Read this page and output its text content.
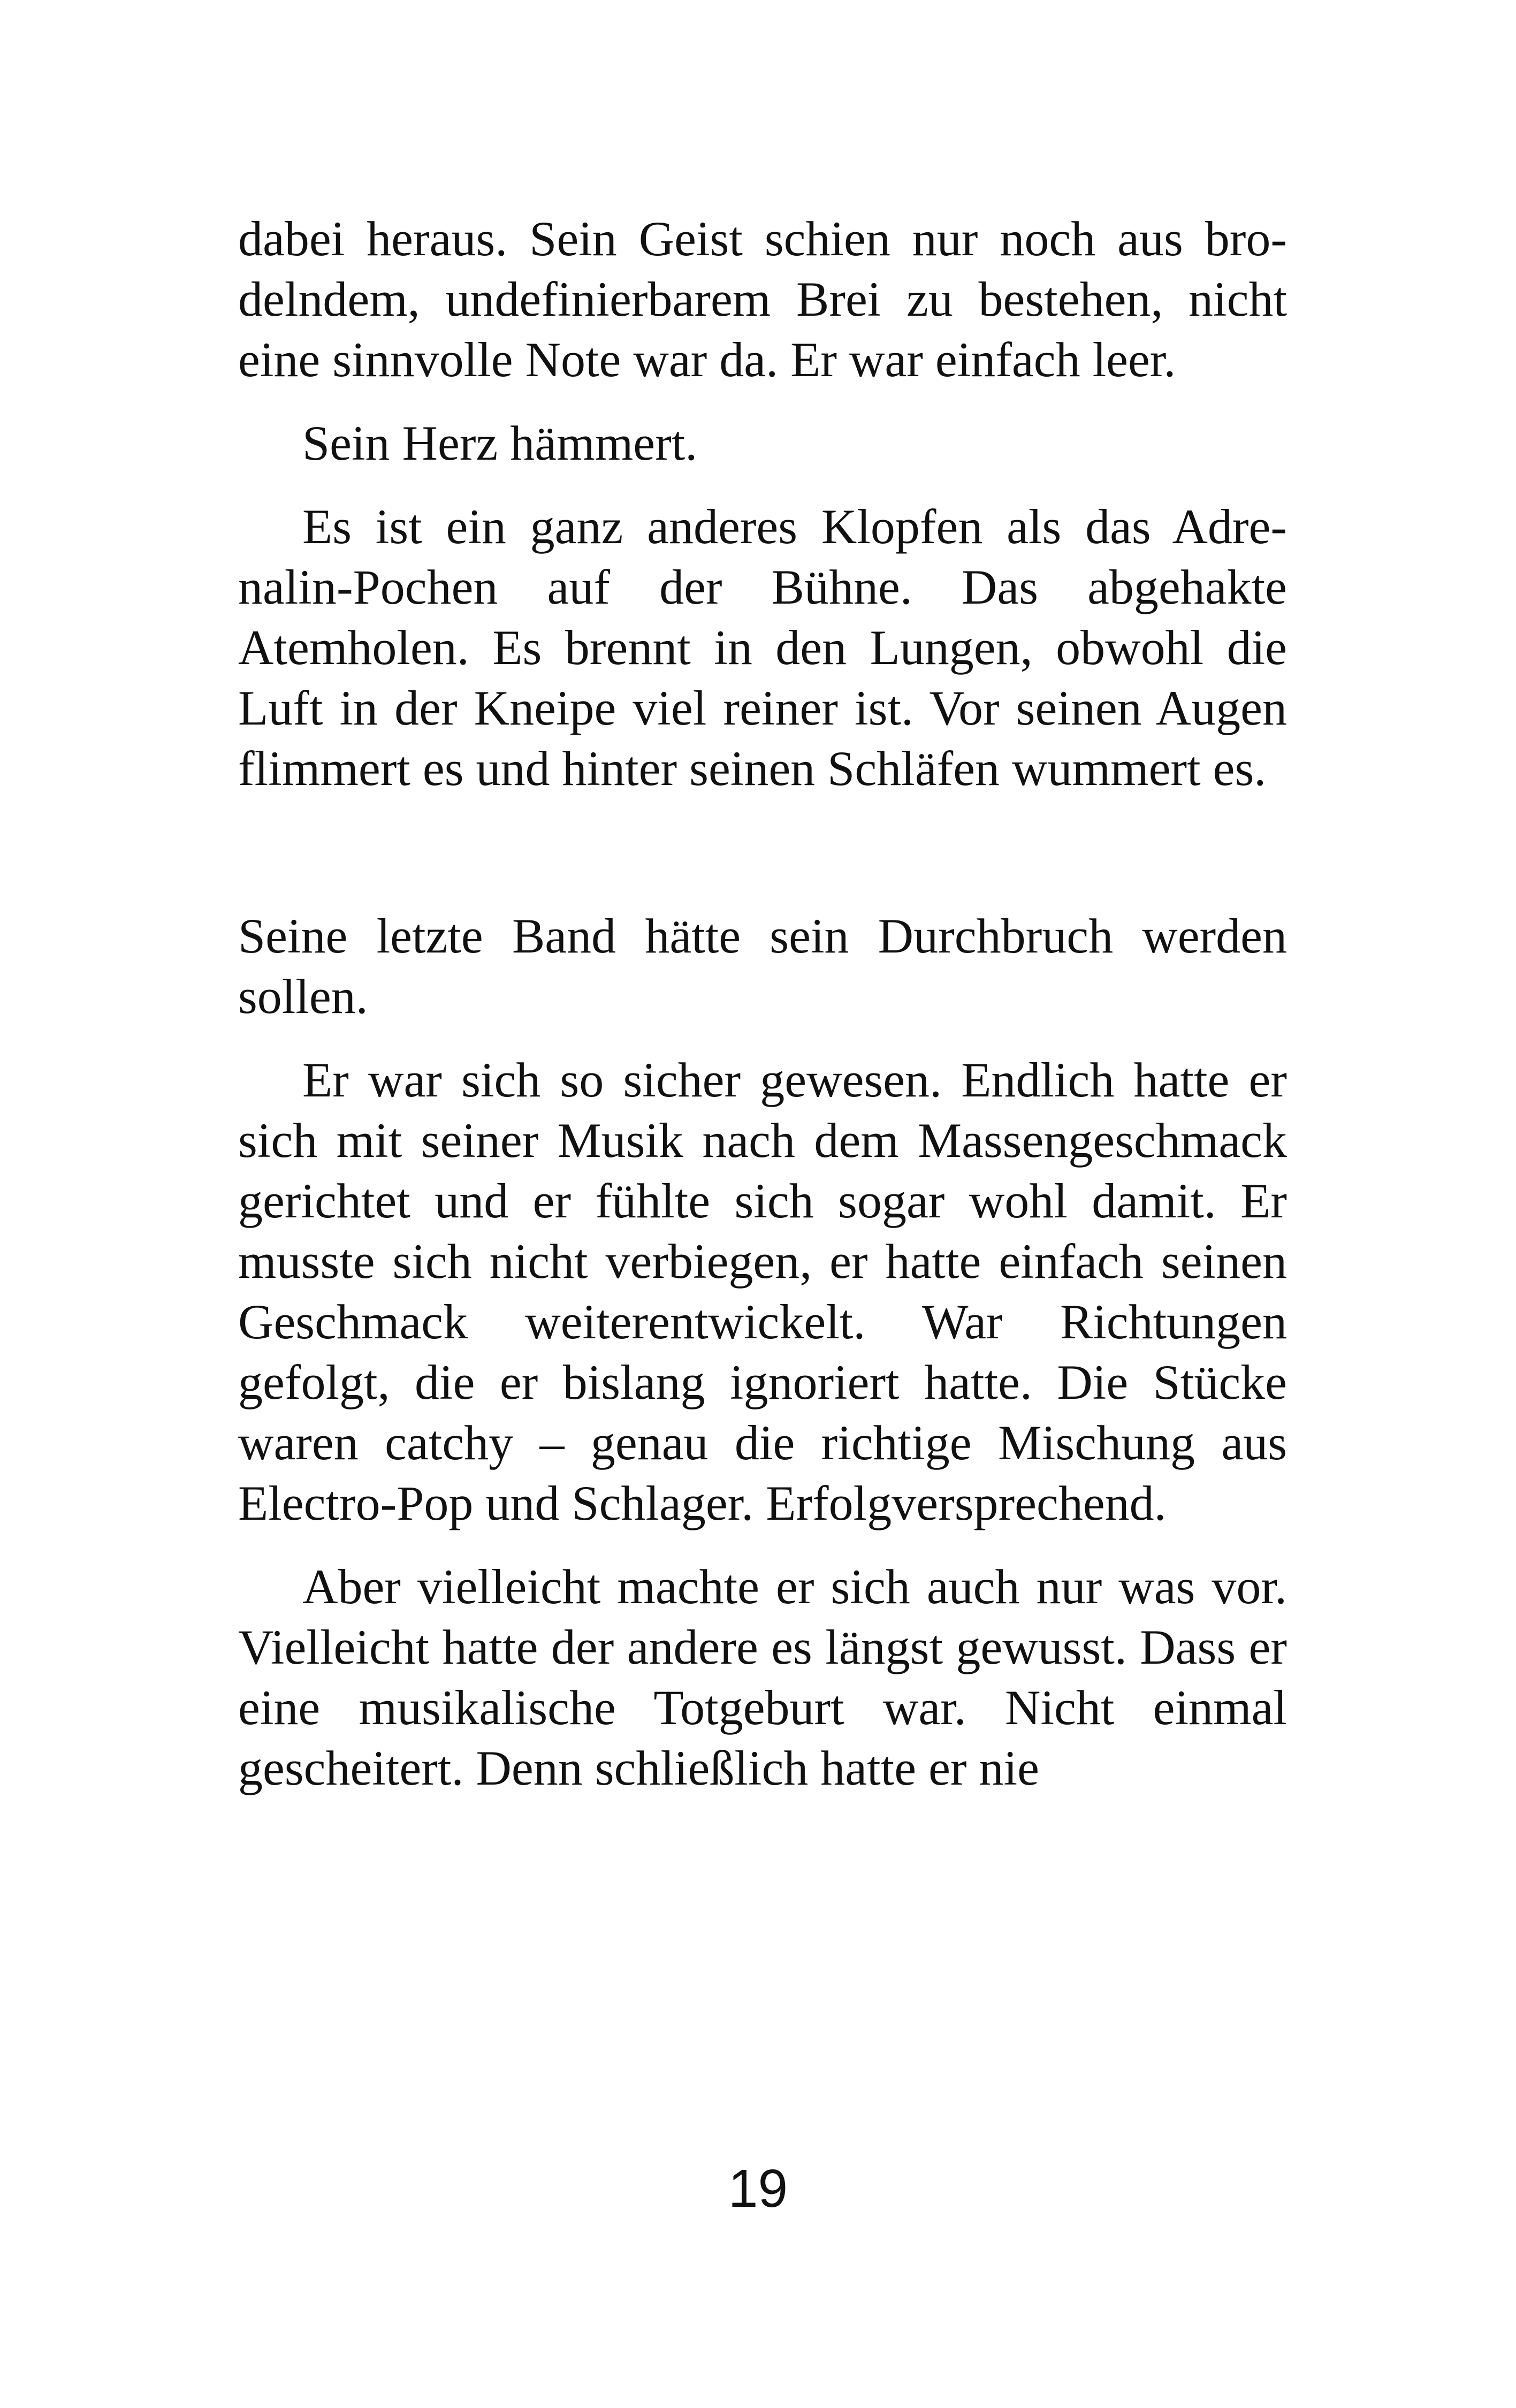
dabei heraus. Sein Geist schien nur noch aus brodelndem, undefinierbarem Brei zu bestehen, nicht eine sinnvolle Note war da. Er war einfach leer.

Sein Herz hämmert.

Es ist ein ganz anderes Klopfen als das Adrenalin-Pochen auf der Bühne. Das abgehakte Atemholen. Es brennt in den Lungen, obwohl die Luft in der Kneipe viel reiner ist. Vor seinen Augen flimmert es und hinter seinen Schläfen wummert es.

Seine letzte Band hätte sein Durchbruch werden sollen.

Er war sich so sicher gewesen. Endlich hatte er sich mit seiner Musik nach dem Massengeschmack gerichtet und er fühlte sich sogar wohl damit. Er musste sich nicht verbiegen, er hatte einfach seinen Geschmack weiterentwickelt. War Richtungen gefolgt, die er bislang ignoriert hatte. Die Stücke waren catchy – genau die richtige Mischung aus Electro-Pop und Schlager. Erfolgversprechend.

Aber vielleicht machte er sich auch nur was vor. Vielleicht hatte der andere es längst gewusst. Dass er eine musikalische Totgeburt war. Nicht einmal gescheitert. Denn schließlich hatte er nie

19
